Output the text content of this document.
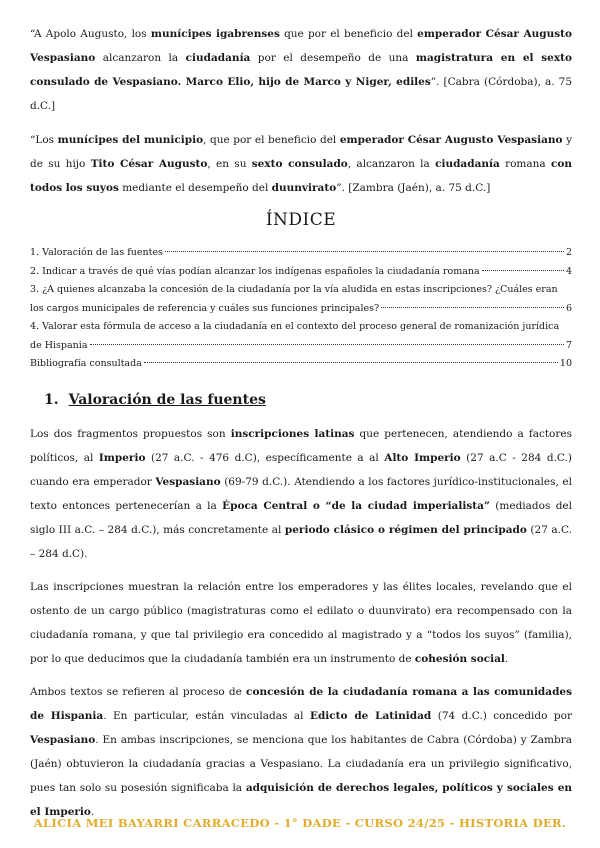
“A Apolo Augusto, los munícipes igabrenses que por el beneficio del emperador César Augusto Vespasiano alcanzaron la ciudadanía por el desempeño de una magistratura en el sexto consulado de Vespasiano. Marco Elio, hijo de Marco y Niger, ediles”. [Cabra (Córdoba), a. 75 d.C.]

“Los munícipes del municipio, que por el beneficio del emperador César Augusto Vespasiano y de su hijo Tito César Augusto, en su sexto consulado, alcanzaron la ciudadanía romana con todos los suyos mediante el desempeño del duunvirato”. [Zambra (Jaén), a. 75 d.C.]

ÍNDICE
1. Valoración de las fuentes	2
2. Indicar a través de qué vías podían alcanzar los indígenas españoles la ciudadanía romana	4
3. ¿A quienes alcanzaba la concesión de la ciudadanía por la vía aludida en estas inscripciones? ¿Cuáles eran
los cargos municipales de referencia y cuáles sus funciones principales?	6
4. Valorar esta fórmula de acceso a la ciudadanía en el contexto del proceso general de romanización jurídica
de Hispania	7
Bibliografía consultada	10
1. Valoración de las fuentes

Los dos fragmentos propuestos son inscripciones latinas que pertenecen, atendiendo a factores políticos, al Imperio (27 a.C. - 476 d.C), específicamente a al Alto Imperio (27 a.C - 284 d.C.) cuando era emperador Vespasiano (69-79 d.C.). Atendiendo a los factores jurídico-institucionales, el texto entonces pertenecerían a la Época Central o “de la ciudad imperialista” (mediados del siglo III a.C. – 284 d.C.), más concretamente al periodo clásico o régimen del principado (27 a.C. – 284 d.C).

Las inscripciones muestran la relación entre los emperadores y las élites locales, revelando que el ostento de un cargo público (magistraturas como el edilato o duunvirato) era recompensado con la ciudadanía romana, y que tal privilegio era concedido al magistrado y a “todos los suyos” (familia), por lo que deducimos que la ciudadanía también era un instrumento de cohesión social.

Ambos textos se refieren al proceso de concesión de la ciudadanía romana a las comunidades de Hispania. En particular, están vinculadas al Edicto de Latinidad (74 d.C.) concedido por Vespasiano. En ambas inscripciones, se menciona que los habitantes de Cabra (Córdoba) y Zambra (Jaén) obtuvieron la ciudadanía gracias a Vespasiano. La ciudadanía era un privilegio significativo, pues tan solo su posesión significaba la adquisición de derechos legales, políticos y sociales en el Imperio.

ALICIA MEI BAYARRI CARRACEDO - 1° DADE - CURSO 24/25 - HISTORIA DER.
